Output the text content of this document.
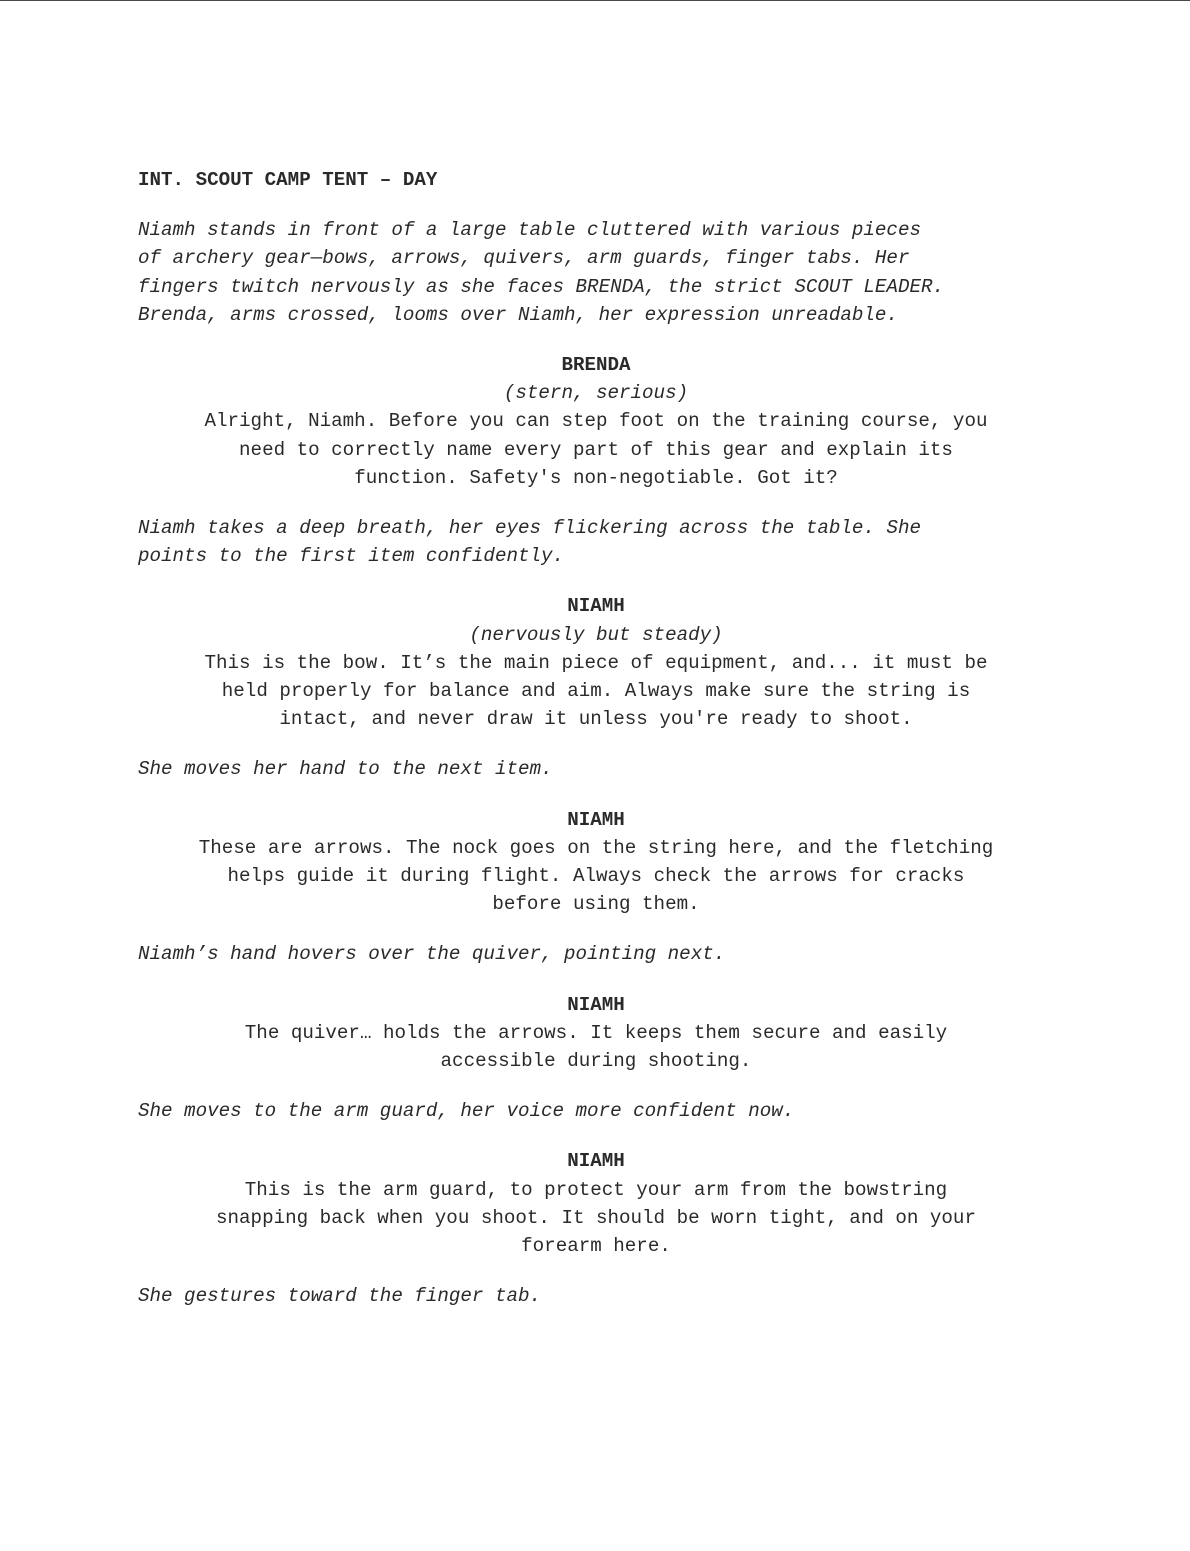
INT. SCOUT CAMP TENT – DAY
Niamh stands in front of a large table cluttered with various pieces
of archery gear—bows, arrows, quivers, arm guards, finger tabs. Her
fingers twitch nervously as she faces BRENDA, the strict SCOUT LEADER.
Brenda, arms crossed, looms over Niamh, her expression unreadable.
BRENDA
(stern, serious)
Alright, Niamh. Before you can step foot on the training course, you
need to correctly name every part of this gear and explain its
function. Safety's non-negotiable. Got it?
Niamh takes a deep breath, her eyes flickering across the table. She
points to the first item confidently.
NIAMH
(nervously but steady)
This is the bow. It’s the main piece of equipment, and... it must be
held properly for balance and aim. Always make sure the string is
intact, and never draw it unless you're ready to shoot.
She moves her hand to the next item.
NIAMH
These are arrows. The nock goes on the string here, and the fletching
helps guide it during flight. Always check the arrows for cracks
before using them.
Niamh’s hand hovers over the quiver, pointing next.
NIAMH
The quiver… holds the arrows. It keeps them secure and easily
accessible during shooting.
She moves to the arm guard, her voice more confident now.
NIAMH
This is the arm guard, to protect your arm from the bowstring
snapping back when you shoot. It should be worn tight, and on your
forearm here.
She gestures toward the finger tab.
